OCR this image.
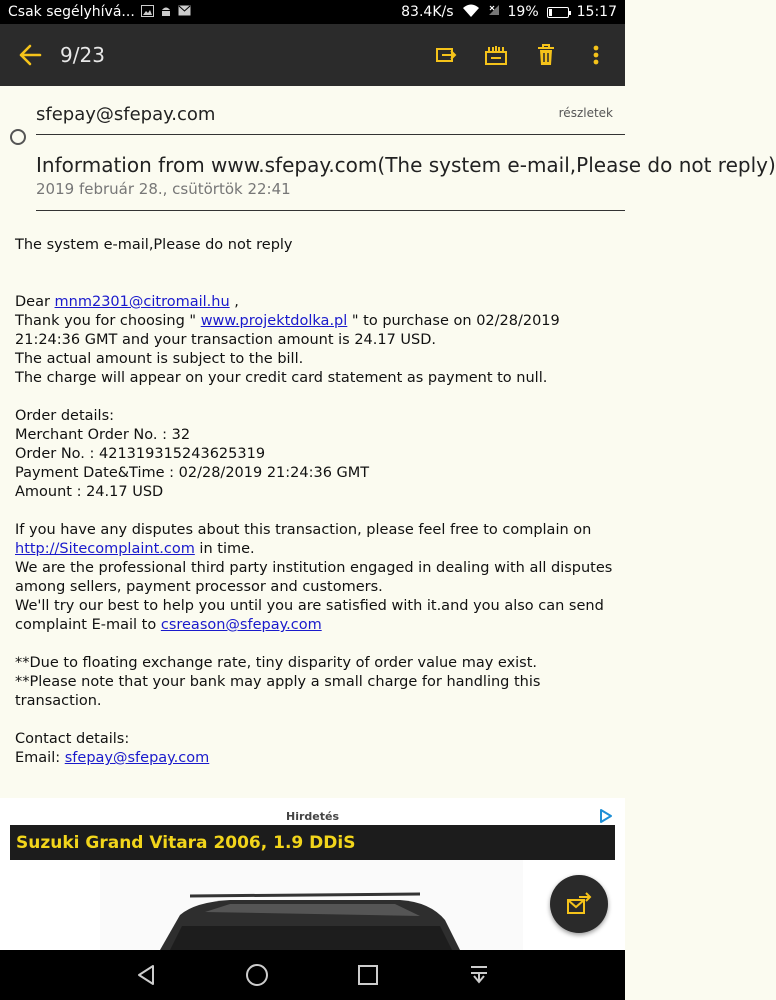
Csak segélyhívá...	83.4K/s	19%	15:17
9/23
sfepay@sfepay.com	részletek
Information from www.sfepay.com(The system e-mail,Please do not reply)
2019 február 28., csütörtök 22:41

The system e-mail,Please do not reply

Dear mnm2301@citromail.hu ,

Thank you for choosing " www.projektdolka.pl " to purchase on 02/28/2019 21:24:36 GMT and your transaction amount is 24.17 USD.

The actual amount is subject to the bill.

The charge will appear on your credit card statement as payment to null.

Order details:

Merchant Order No. : 32

Order No. : 421319315243625319

Payment Date&Time : 02/28/2019 21:24:36 GMT

Amount : 24.17 USD

If you have any disputes about this transaction, please feel free to complain on http://Sitecomplaint.com in time.

We are the professional third party institution engaged in dealing with all disputes among sellers, payment processor and customers.

We'll try our best to help you until you are satisfied with it.and you also can send complaint E-mail to csreason@sfepay.com

**Due to floating exchange rate, tiny disparity of order value may exist.

**Please note that your bank may apply a small charge for handling this transaction.

Contact details:

Email: sfepay@sfepay.com

Hirdetés
Suzuki Grand Vitara 2006, 1.9 DDiS
